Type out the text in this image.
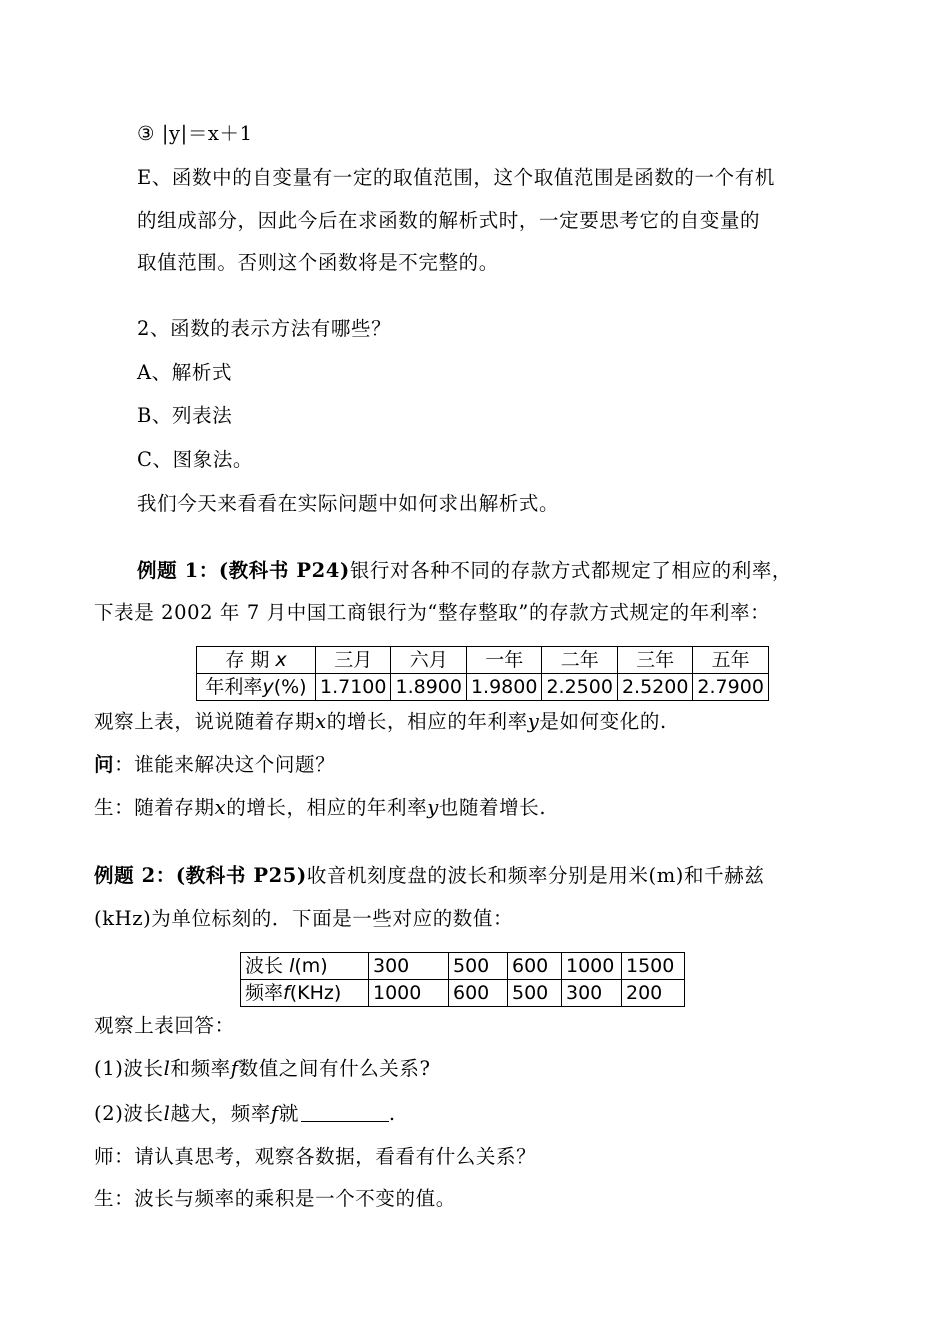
③ |y|＝x＋1
E、函数中的自变量有一定的取值范围，这个取值范围是函数的一个有机
的组成部分，因此今后在求函数的解析式时，一定要思考它的自变量的
取值范围。否则这个函数将是不完整的。
2、函数的表示方法有哪些？
A、解析式
B、列表法
C、图象法。
我们今天来看看在实际问题中如何求出解析式。
例题 1：(教科书 P24)银行对各种不同的存款方式都规定了相应的利率，
下表是 2002 年 7 月中国工商银行为“整存整取”的存款方式规定的年利率：
存 期 x	三月	六月	一年	二年	三年	五年
年利率y(%)	1.7100	1.8900	1.9800	2.2500	2.5200	2.7900
观察上表，说说随着存期x的增长，相应的年利率y是如何变化的.
问：谁能来解决这个问题？
生：随着存期x的增长，相应的年利率y也随着增长.
例题 2：(教科书 P25)收音机刻度盘的波长和频率分别是用米(m)和千赫兹
(kHz)为单位标刻的．下面是一些对应的数值：
波长 l(m)	300	500	600	1000	1500
频率f(KHz)	1000	600	500	300	200
观察上表回答：
(1)波长l和频率f数值之间有什么关系?
(2)波长l越大，频率f就	.
师：请认真思考，观察各数据，看看有什么关系？
生：波长与频率的乘积是一个不变的值。
